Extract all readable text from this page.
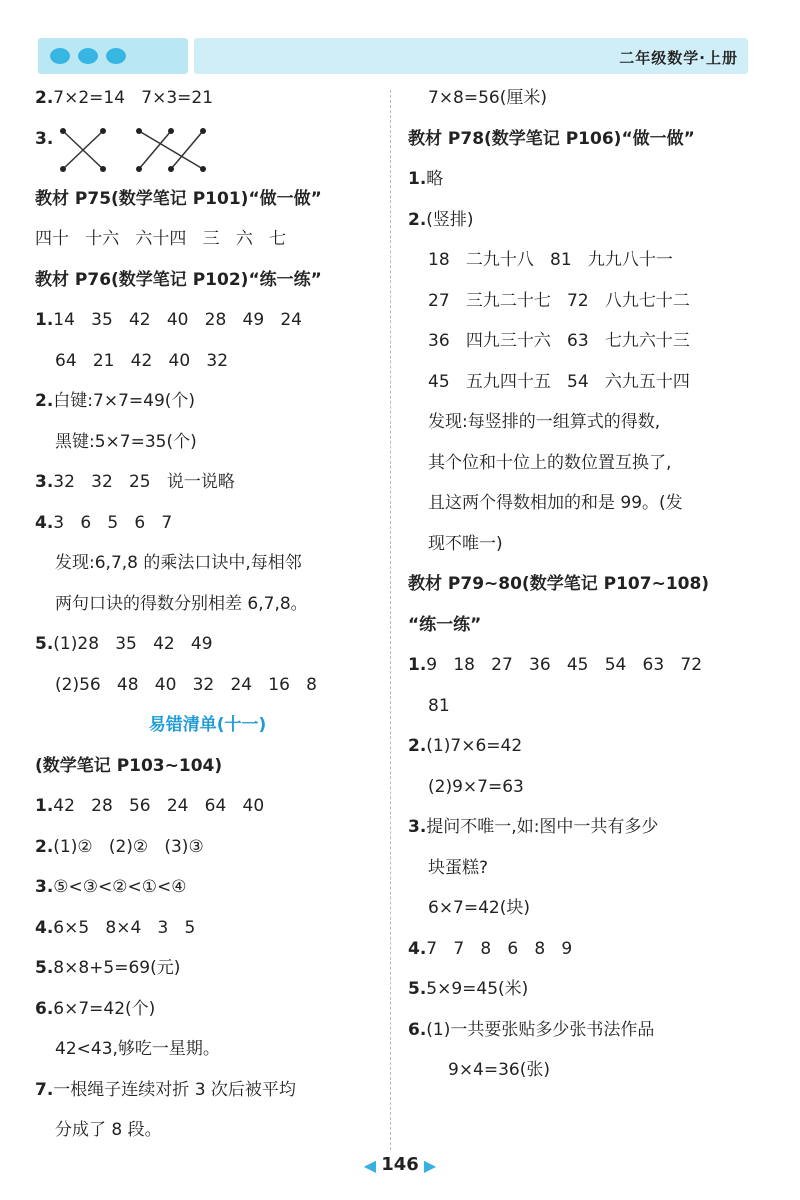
二年级数学·上册
2.7×2=14   7×3=21
3.
教材 P75(数学笔记 P101)“做一做”
四十   十六   六十四   三   六   七
教材 P76(数学笔记 P102)“练一练”
1.14   35   42   40   28   49   24
64   21   42   40   32
2.白键:7×7=49(个)
黑键:5×7=35(个)
3.32   32   25   说一说略
4.3   6   5   6   7
发现:6,7,8 的乘法口诀中,每相邻
两句口诀的得数分别相差 6,7,8。
5.(1)28   35   42   49
(2)56   48   40   32   24   16   8
易错清单(十一)
(数学笔记 P103~104)
1.42   28   56   24   64   40
2.(1)②   (2)②   (3)③
3.⑤<③<②<①<④
4.6×5   8×4   3   5
5.8×8+5=69(元)
6.6×7=42(个)
42<43,够吃一星期。
7.一根绳子连续对折 3 次后被平均
分成了 8 段。
7×8=56(厘米)
教材 P78(数学笔记 P106)“做一做”
1.略
2.(竖排)
18   二九十八   81   九九八十一
27   三九二十七   72   八九七十二
36   四九三十六   63   七九六十三
45   五九四十五   54   六九五十四
发现:每竖排的一组算式的得数,
其个位和十位上的数位置互换了,
且这两个得数相加的和是 99。(发
现不唯一)
教材 P79~80(数学笔记 P107~108)
“练一练”
1.9   18   27   36   45   54   63   72
81
2.(1)7×6=42
(2)9×7=63
3.提问不唯一,如:图中一共有多少
块蛋糕?
6×7=42(块)
4.7   7   8   6   8   9
5.5×9=45(米)
6.(1)一共要张贴多少张书法作品
9×4=36(张)
◀ 146 ▶
